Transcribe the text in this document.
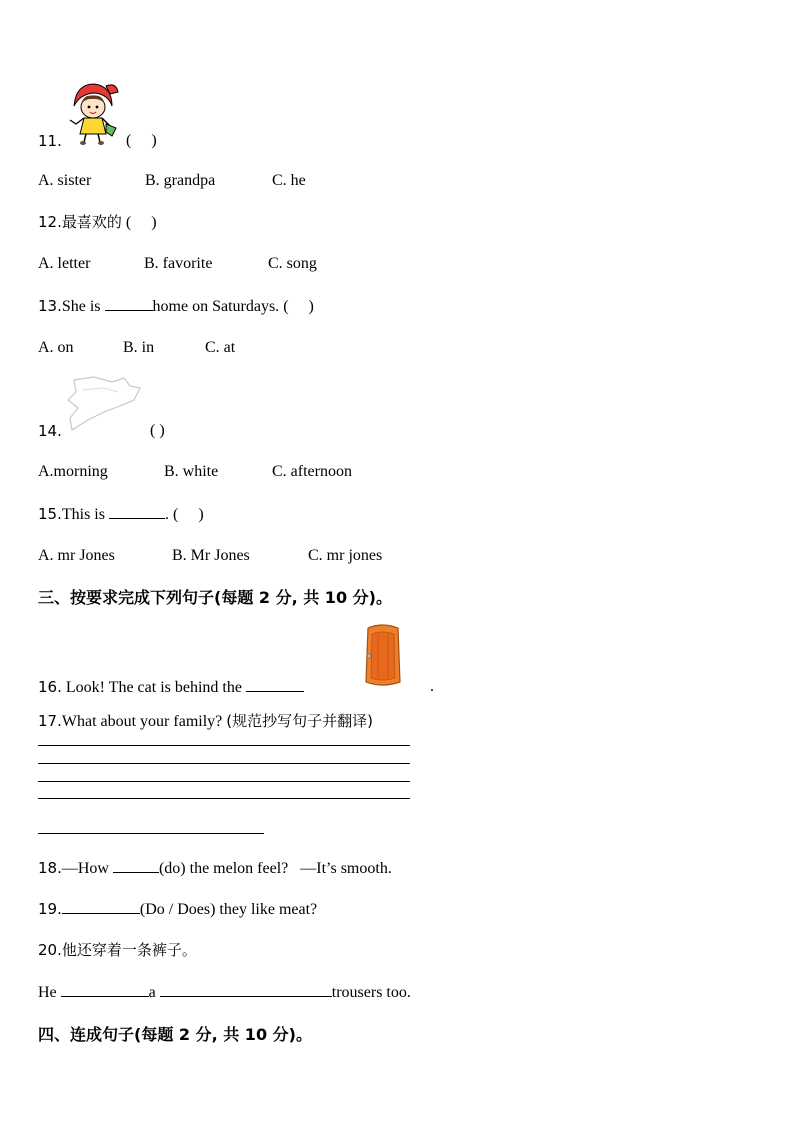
11.	(　 )
A. sister	B. grandpa	C. he
12.最喜欢的 (　 )
A. letter	B. favorite	C. song
13.She is	home on Saturdays. (　 )
A. on	B. in	C. at
14.	( )
A.morning	B. white	C. afternoon
15.This is	. (　 )
A. mr Jones	B. Mr Jones	C. mr jones
三、按要求完成下列句子(每题 2 分, 共 10 分)。
16. Look! The cat is behind the	.
17.What about your family? (规范抄写句子并翻译)
18.—How	(do) the melon feel? —It’s smooth.
19.	(Do / Does) they like meat?
20.他还穿着一条裤子。
He	a	trousers too.
四、连成句子(每题 2 分, 共 10 分)。
